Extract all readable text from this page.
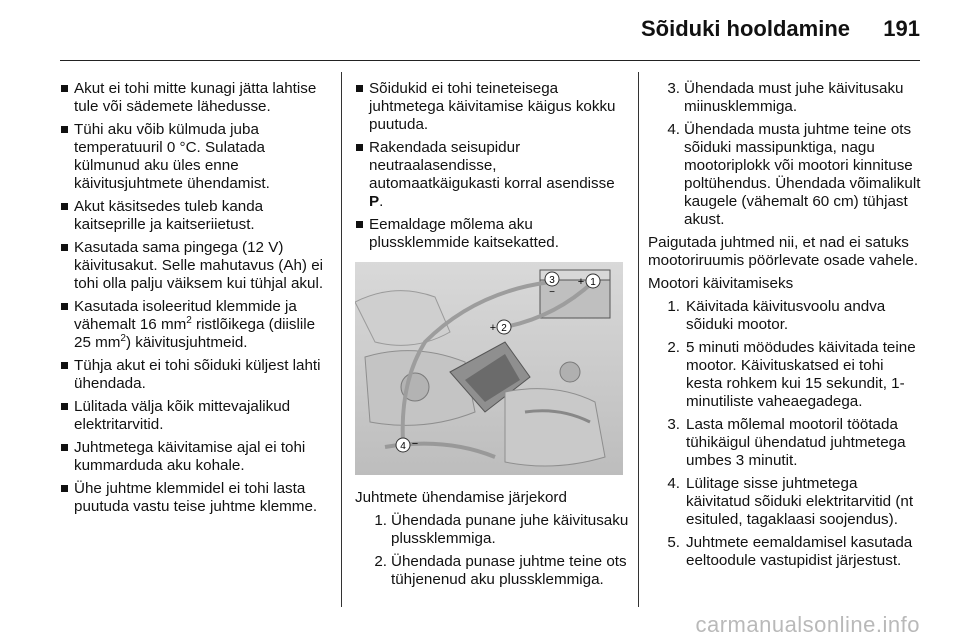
Sõiduki hooldamine 191
Akut ei tohi mitte kunagi jätta lahtise tule või sädemete lähedusse.
Tühi aku võib külmuda juba temperatuuril 0 °C. Sulatada külmunud aku üles enne käivitusjuhtmete ühendamist.
Akut käsitsedes tuleb kanda kaitseprille ja kaitseriietust.
Kasutada sama pingega (12 V) käivitusakut. Selle mahutavus (Ah) ei tohi olla palju väiksem kui tühjal akul.
Kasutada isoleeritud klemmide ja vähemalt 16 $mm^2$ ristlõikega (diislile 25 $mm^2$) käivitusjuhtmeid.
Tühja akut ei tohi sõiduki küljest lahti ühendada.
Lülitada välja kõik mittevajalikud elektritarvitid.
Juhtmetega käivitamise ajal ei tohi kummarduda aku kohale.
Ühe juhtme klemmidel ei tohi lasta puutuda vastu teise juhtme klemme.
Sõidukid ei tohi teineteisega juhtmetega käivitamise käigus kokku puutuda.
Rakendada seisupidur neutraalasendisse, automaatkäigukasti korral asendisse P.
Eemaldage mõlema aku plussklemmide kaitsekatted.
3
−
1
+
2
+
4 −

Juhtmete ühendamise järjekord

1. Ühendada punane juhe käivitusaku plussklemmiga.
2. Ühendada punase juhtme teine ots tühjenenud aku plussklemmiga.
3. Ühendada must juhe käivitusaku miinusklemmiga.
4. Ühendada musta juhtme teine ots sõiduki massipunktiga, nagu mootoriplokk või mootori kinnituse poltühendus. Ühendada võimalikult kaugele (vähemalt 60 cm) tühjast akust.

Paigutada juhtmed nii, et nad ei satuks mootoriruumis pöörlevate osade vahele.

Mootori käivitamiseks

1. Käivitada käivitusvoolu andva sõiduki mootor.
2. 5 minuti möödudes käivitada teine mootor. Käivituskatsed ei tohi kesta rohkem kui 15 sekundit, 1-minutiliste vaheaegadega.
3. Lasta mõlemal mootoril töötada tühikäigul ühendatud juhtmetega umbes 3 minutit.
4. Lülitage sisse juhtmetega käivitatud sõiduki elektritarvitid (nt esituled, tagaklaasi soojendus).
5. Juhtmete eemaldamisel kasutada eeltoodule vastupidist järjestust.
carmanualsonline.info
